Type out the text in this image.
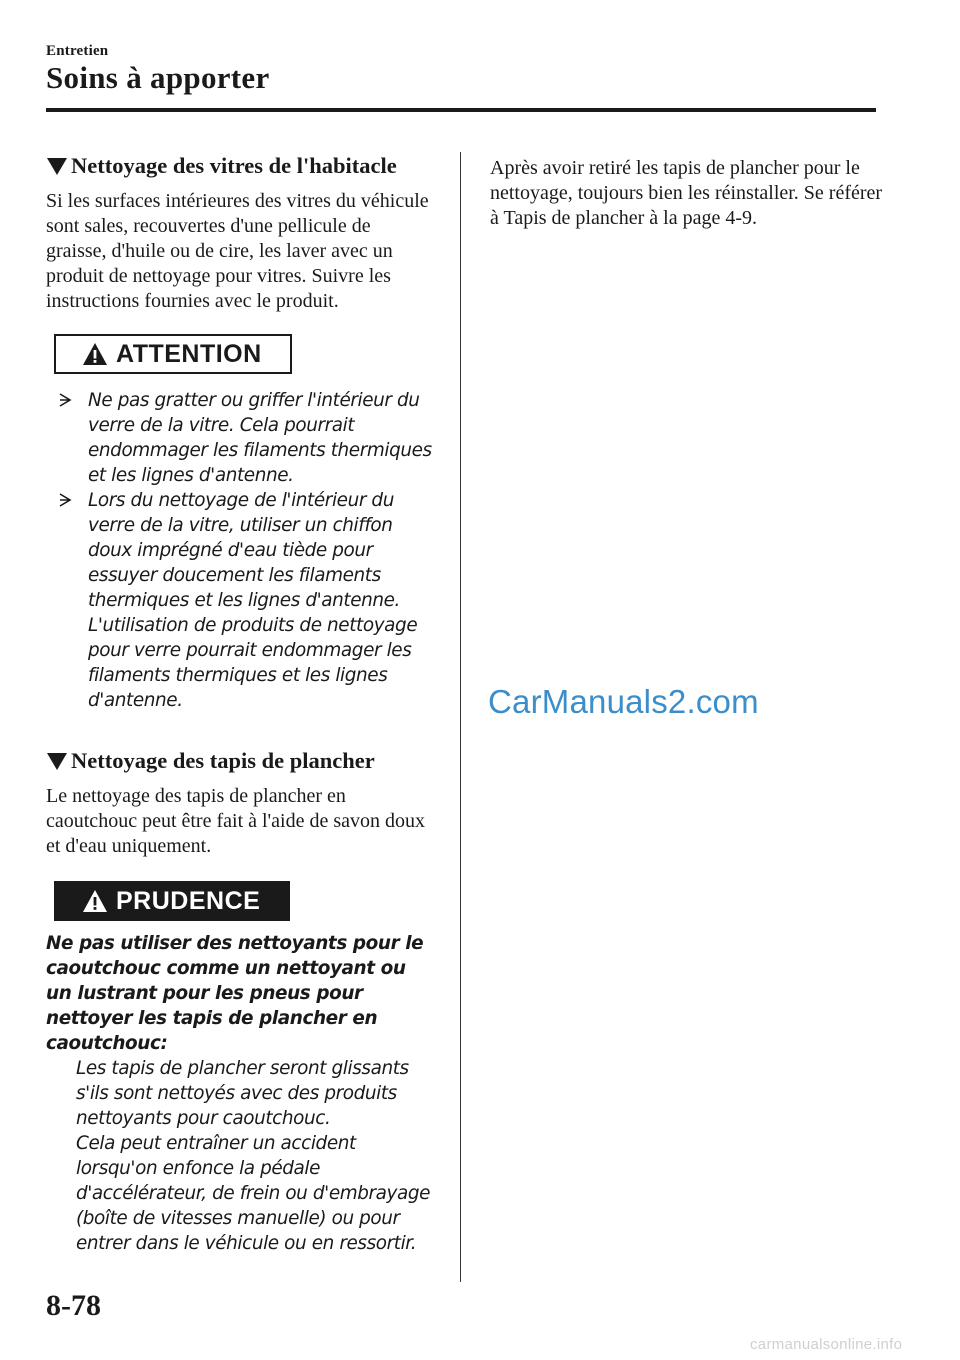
Entretien
Soins à apporter
Nettoyage des vitres de l'habitacle

Si les surfaces intérieures des vitres du véhicule sont sales, recouvertes d'une pellicule de graisse, d'huile ou de cire, les laver avec un produit de nettoyage pour vitres. Suivre les instructions fournies avec le produit.

ATTENTION
Ne pas gratter ou griffer l'intérieur du verre de la vitre. Cela pourrait endommager les filaments thermiques et les lignes d'antenne.
Lors du nettoyage de l'intérieur du verre de la vitre, utiliser un chiffon doux imprégné d'eau tiède pour essuyer doucement les filaments thermiques et les lignes d'antenne. L'utilisation de produits de nettoyage pour verre pourrait endommager les filaments thermiques et les lignes d'antenne.
Nettoyage des tapis de plancher

Le nettoyage des tapis de plancher en caoutchouc peut être fait à l'aide de savon doux et d'eau uniquement.

PRUDENCE

Ne pas utiliser des nettoyants pour le caoutchouc comme un nettoyant ou un lustrant pour les pneus pour nettoyer les tapis de plancher en caoutchouc:

Les tapis de plancher seront glissants s'ils sont nettoyés avec des produits nettoyants pour caoutchouc.

Cela peut entraîner un accident lorsqu'on enfonce la pédale d'accélérateur, de frein ou d'embrayage (boîte de vitesses manuelle) ou pour entrer dans le véhicule ou en ressortir.

Après avoir retiré les tapis de plancher pour le nettoyage, toujours bien les réinstaller. Se référer à Tapis de plancher à la page 4-9.

CarManuals2.com
8-78
carmanualsonline.info
